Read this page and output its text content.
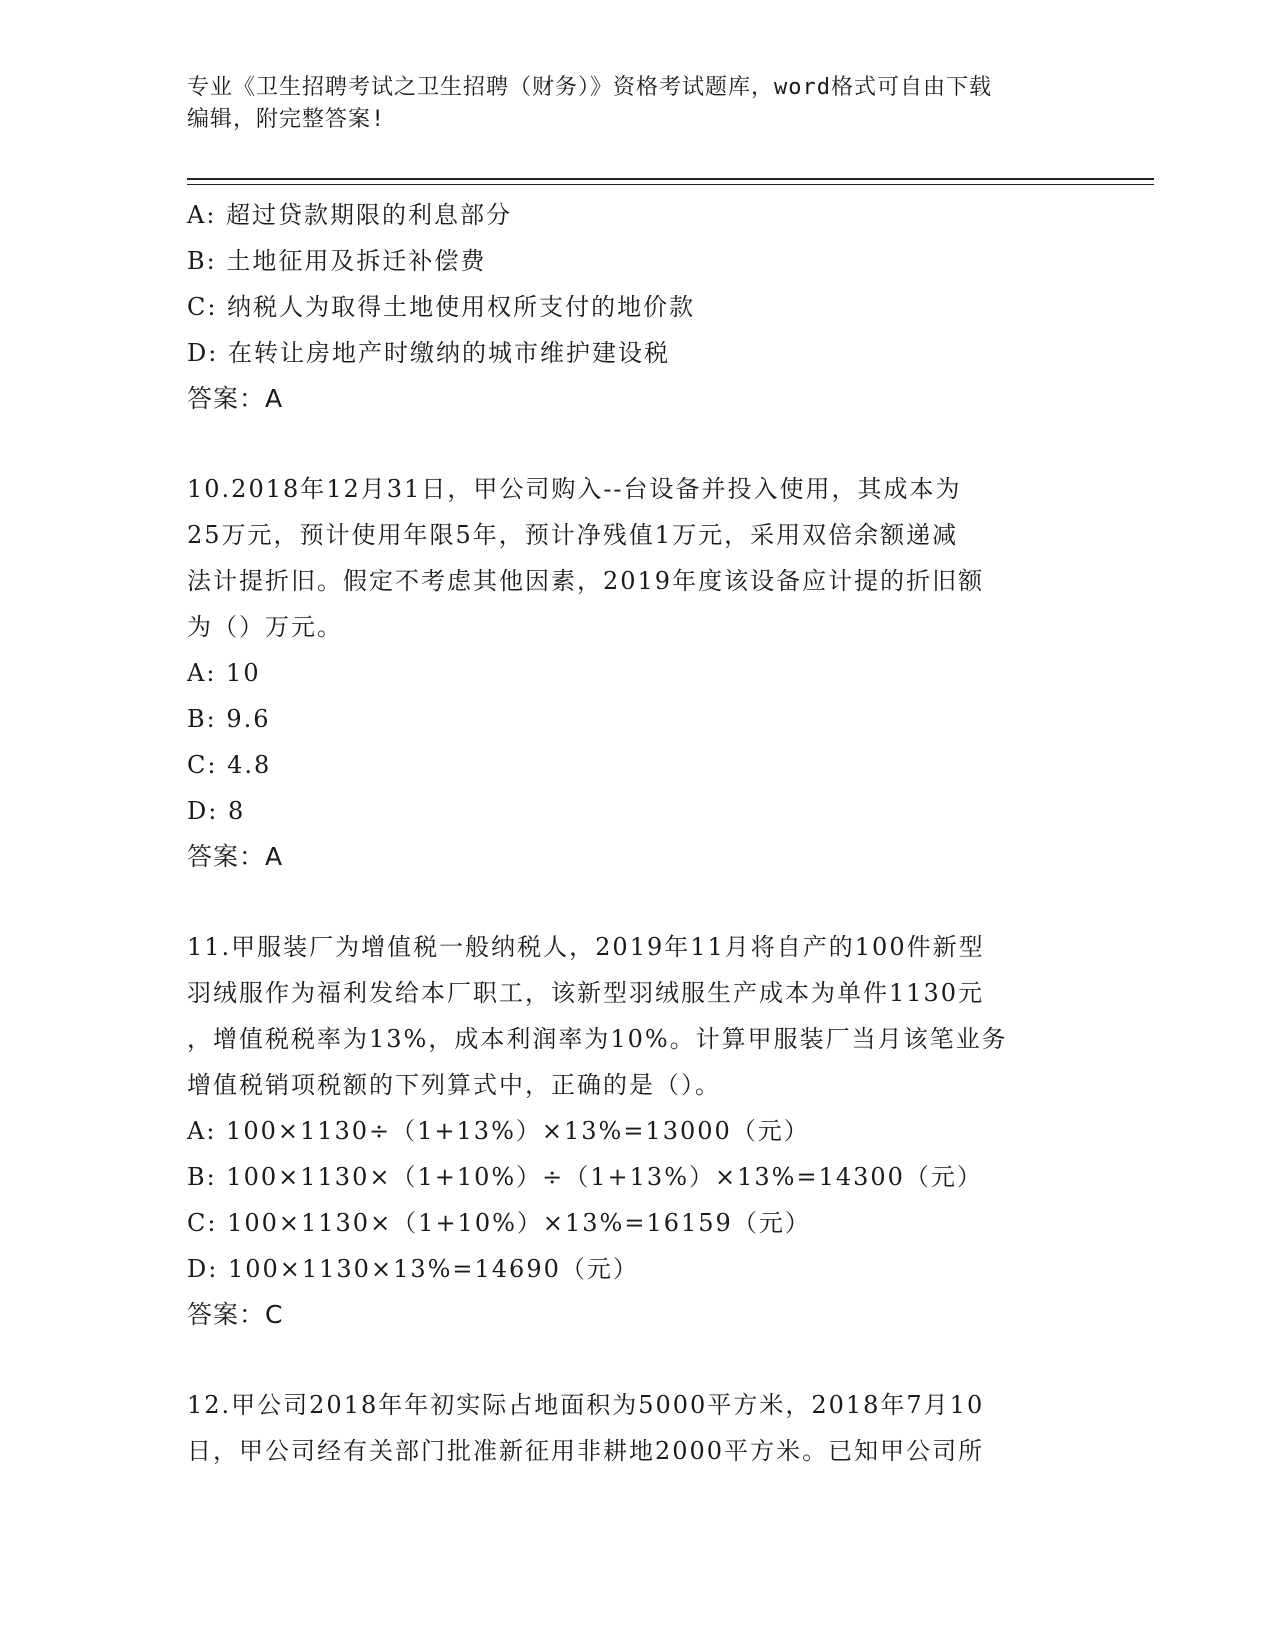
专业《卫生招聘考试之卫生招聘（财务）》资格考试题库，word格式可自由下载
编辑，附完整答案!
A: 超过贷款期限的利息部分
B: 土地征用及拆迁补偿费
C: 纳税人为取得土地使用权所支付的地价款
D: 在转让房地产时缴纳的城市维护建设税
答案：A
10.2018年12月31日，甲公司购入--台设备并投入使用，其成本为
25万元，预计使用年限5年，预计净残值1万元，采用双倍余额递减
法计提折旧。假定不考虑其他因素，2019年度该设备应计提的折旧额
为（）万元。
A: 10
B: 9.6
C: 4.8
D: 8
答案：A
11.甲服装厂为增值税一般纳税人，2019年11月将自产的100件新型
羽绒服作为福利发给本厂职工，该新型羽绒服生产成本为单件1130元
，增值税税率为13%，成本利润率为10%。计算甲服装厂当月该笔业务
增值税销项税额的下列算式中，正确的是（）。
A: 100×1130÷（1+13%）×13%=13000（元）
B: 100×1130×（1+10%）÷（1+13%）×13%=14300（元）
C: 100×1130×（1+10%）×13%=16159（元）
D: 100×1130×13%=14690（元）
答案：C
12.甲公司2018年年初实际占地面积为5000平方米，2018年7月10
日，甲公司经有关部门批准新征用非耕地2000平方米。已知甲公司所
